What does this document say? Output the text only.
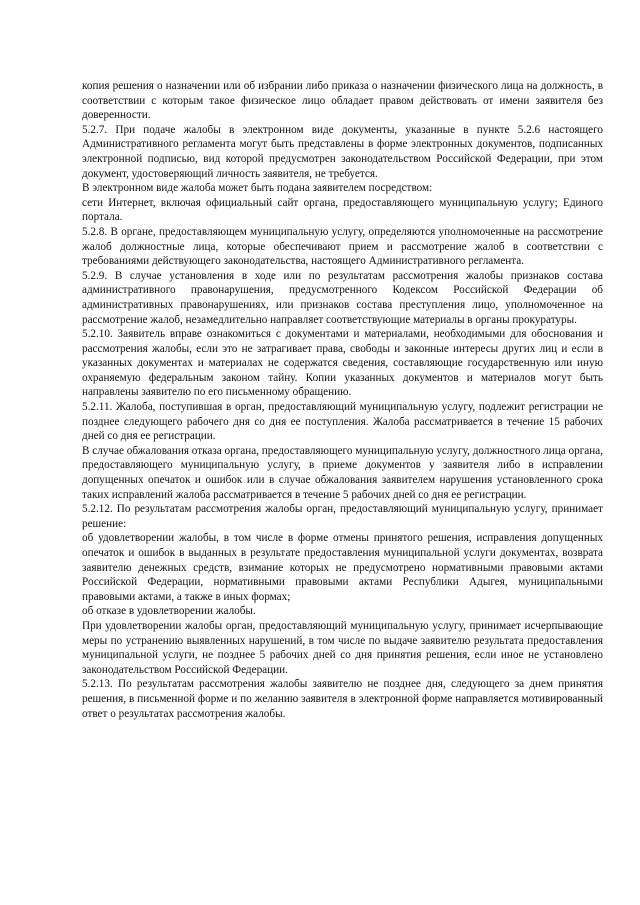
копия решения о назначении или об избрании либо приказа о назначении физического лица на должность, в соответствии с которым такое физическое лицо обладает правом действовать от имени заявителя без доверенности.

5.2.7. При подаче жалобы в электронном виде документы, указанные в пункте 5.2.6 настоящего Административного регламента могут быть представлены в форме электронных документов, подписанных электронной подписью, вид которой предусмотрен законодательством Российской Федерации, при этом документ, удостоверяющий личность заявителя, не требуется.

В электронном виде жалоба может быть подана заявителем посредством:

сети Интернет, включая официальный сайт органа, предоставляющего муниципальную услугу; Единого портала.

5.2.8. В органе, предоставляющем муниципальную услугу, определяются уполномоченные на рассмотрение жалоб должностные лица, которые обеспечивают прием и рассмотрение жалоб в соответствии с требованиями действующего законодательства, настоящего Административного регламента.

5.2.9. В случае установления в ходе или по результатам рассмотрения жалобы признаков состава административного правонарушения, предусмотренного Кодексом Российской Федерации об административных правонарушениях, или признаков состава преступления лицо, уполномоченное на рассмотрение жалоб, незамедлительно направляет соответствующие материалы в органы прокуратуры.

5.2.10. Заявитель вправе ознакомиться с документами и материалами, необходимыми для обоснования и рассмотрения жалобы, если это не затрагивает права, свободы и законные интересы других лиц и если в указанных документах и материалах не содержатся сведения, составляющие государственную или иную охраняемую федеральным законом тайну. Копии указанных документов и материалов могут быть направлены заявителю по его письменному обращению.

5.2.11. Жалоба, поступившая в орган, предоставляющий муниципальную услугу, подлежит регистрации не позднее следующего рабочего дня со дня ее поступления. Жалоба рассматривается в течение 15 рабочих дней со дня ее регистрации.

В случае обжалования отказа органа, предоставляющего муниципальную услугу, должностного лица органа, предоставляющего муниципальную услугу, в приеме документов у заявителя либо в исправлении допущенных опечаток и ошибок или в случае обжалования заявителем нарушения установленного срока таких исправлений жалоба рассматривается в течение 5 рабочих дней со дня ее регистрации.

5.2.12. По результатам рассмотрения жалобы орган, предоставляющий муниципальную услугу, принимает решение:

об удовлетворении жалобы, в том числе в форме отмены принятого решения, исправления допущенных опечаток и ошибок в выданных в результате предоставления муниципальной услуги документах, возврата заявителю денежных средств, взимание которых не предусмотрено нормативными правовыми актами Российской Федерации, нормативными правовыми актами Республики Адыгея, муниципальными правовыми актами, а также в иных формах;

об отказе в удовлетворении жалобы.

При удовлетворении жалобы орган, предоставляющий муниципальную услугу, принимает исчерпывающие меры по устранению выявленных нарушений, в том числе по выдаче заявителю результата предоставления муниципальной услуги, не позднее 5 рабочих дней со дня принятия решения, если иное не установлено законодательством Российской Федерации.

5.2.13. По результатам рассмотрения жалобы заявителю не позднее дня, следующего за днем принятия решения, в письменной форме и по желанию заявителя в электронной форме направляется мотивированный ответ о результатах рассмотрения жалобы.
